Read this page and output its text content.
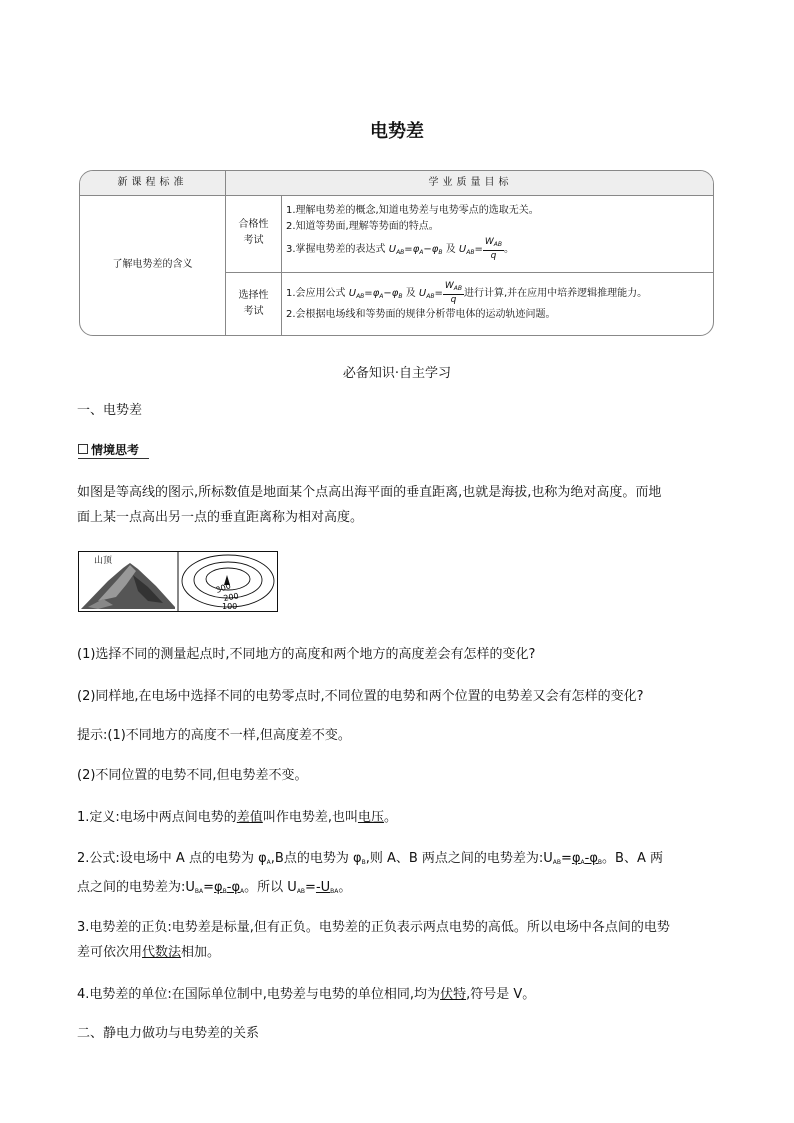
电势差
新课程标准	学业质量目标
了解电势差的含义
合格性
考试
1.理解电势差的概念,知道电势差与电势零点的选取无关。
2.知道等势面,理解等势面的特点。
3.掌握电势差的表达式 $U_{AB}=\varphi_A-\varphi_B$ 及 $U_{AB}= \frac{W_{AB}}{q}$ 。
选择性
考试
1.会应用公式 $U_{AB}=\varphi_A-\varphi_B$ 及 $U_{AB}= \frac{W_{AB}}{q}$ 进行计算,并在应用中培养逻辑推理能力。
2.会根据电场线和等势面的规律分析带电体的运动轨迹问题。
必备知识·自主学习
一、电势差
情境思考
如图是等高线的图示,所标数值是地面某个点高出海平面的垂直距离,也就是海拔,也称为绝对高度。而地
面上某一点高出另一点的垂直距离称为相对高度。
山顶
300
200
100
(1)选择不同的测量起点时,不同地方的高度和两个地方的高度差会有怎样的变化?
(2)同样地,在电场中选择不同的电势零点时,不同位置的电势和两个位置的电势差又会有怎样的变化?
提示:(1)不同地方的高度不一样,但高度差不变。
(2)不同位置的电势不同,但电势差不变。
1.定义:电场中两点间电势的差值叫作电势差,也叫电压。
2.公式:设电场中 A 点的电势为 $\varphi_A,B$点的电势为 $\varphi_B$,则 A、B 两点之间的电势差为$:U_{AB}=\varphi_A-\varphi_B$。B、A 两
点之间的电势差为$:U_{BA}=\varphi_B-\varphi_A$。所以 $U_{AB}=-U_{BA}$。
3.电势差的正负:电势差是标量,但有正负。电势差的正负表示两点电势的高低。所以电场中各点间的电势
差可依次用代数法相加。
4.电势差的单位:在国际单位制中,电势差与电势的单位相同,均为伏特,符号是 V。
二、静电力做功与电势差的关系
